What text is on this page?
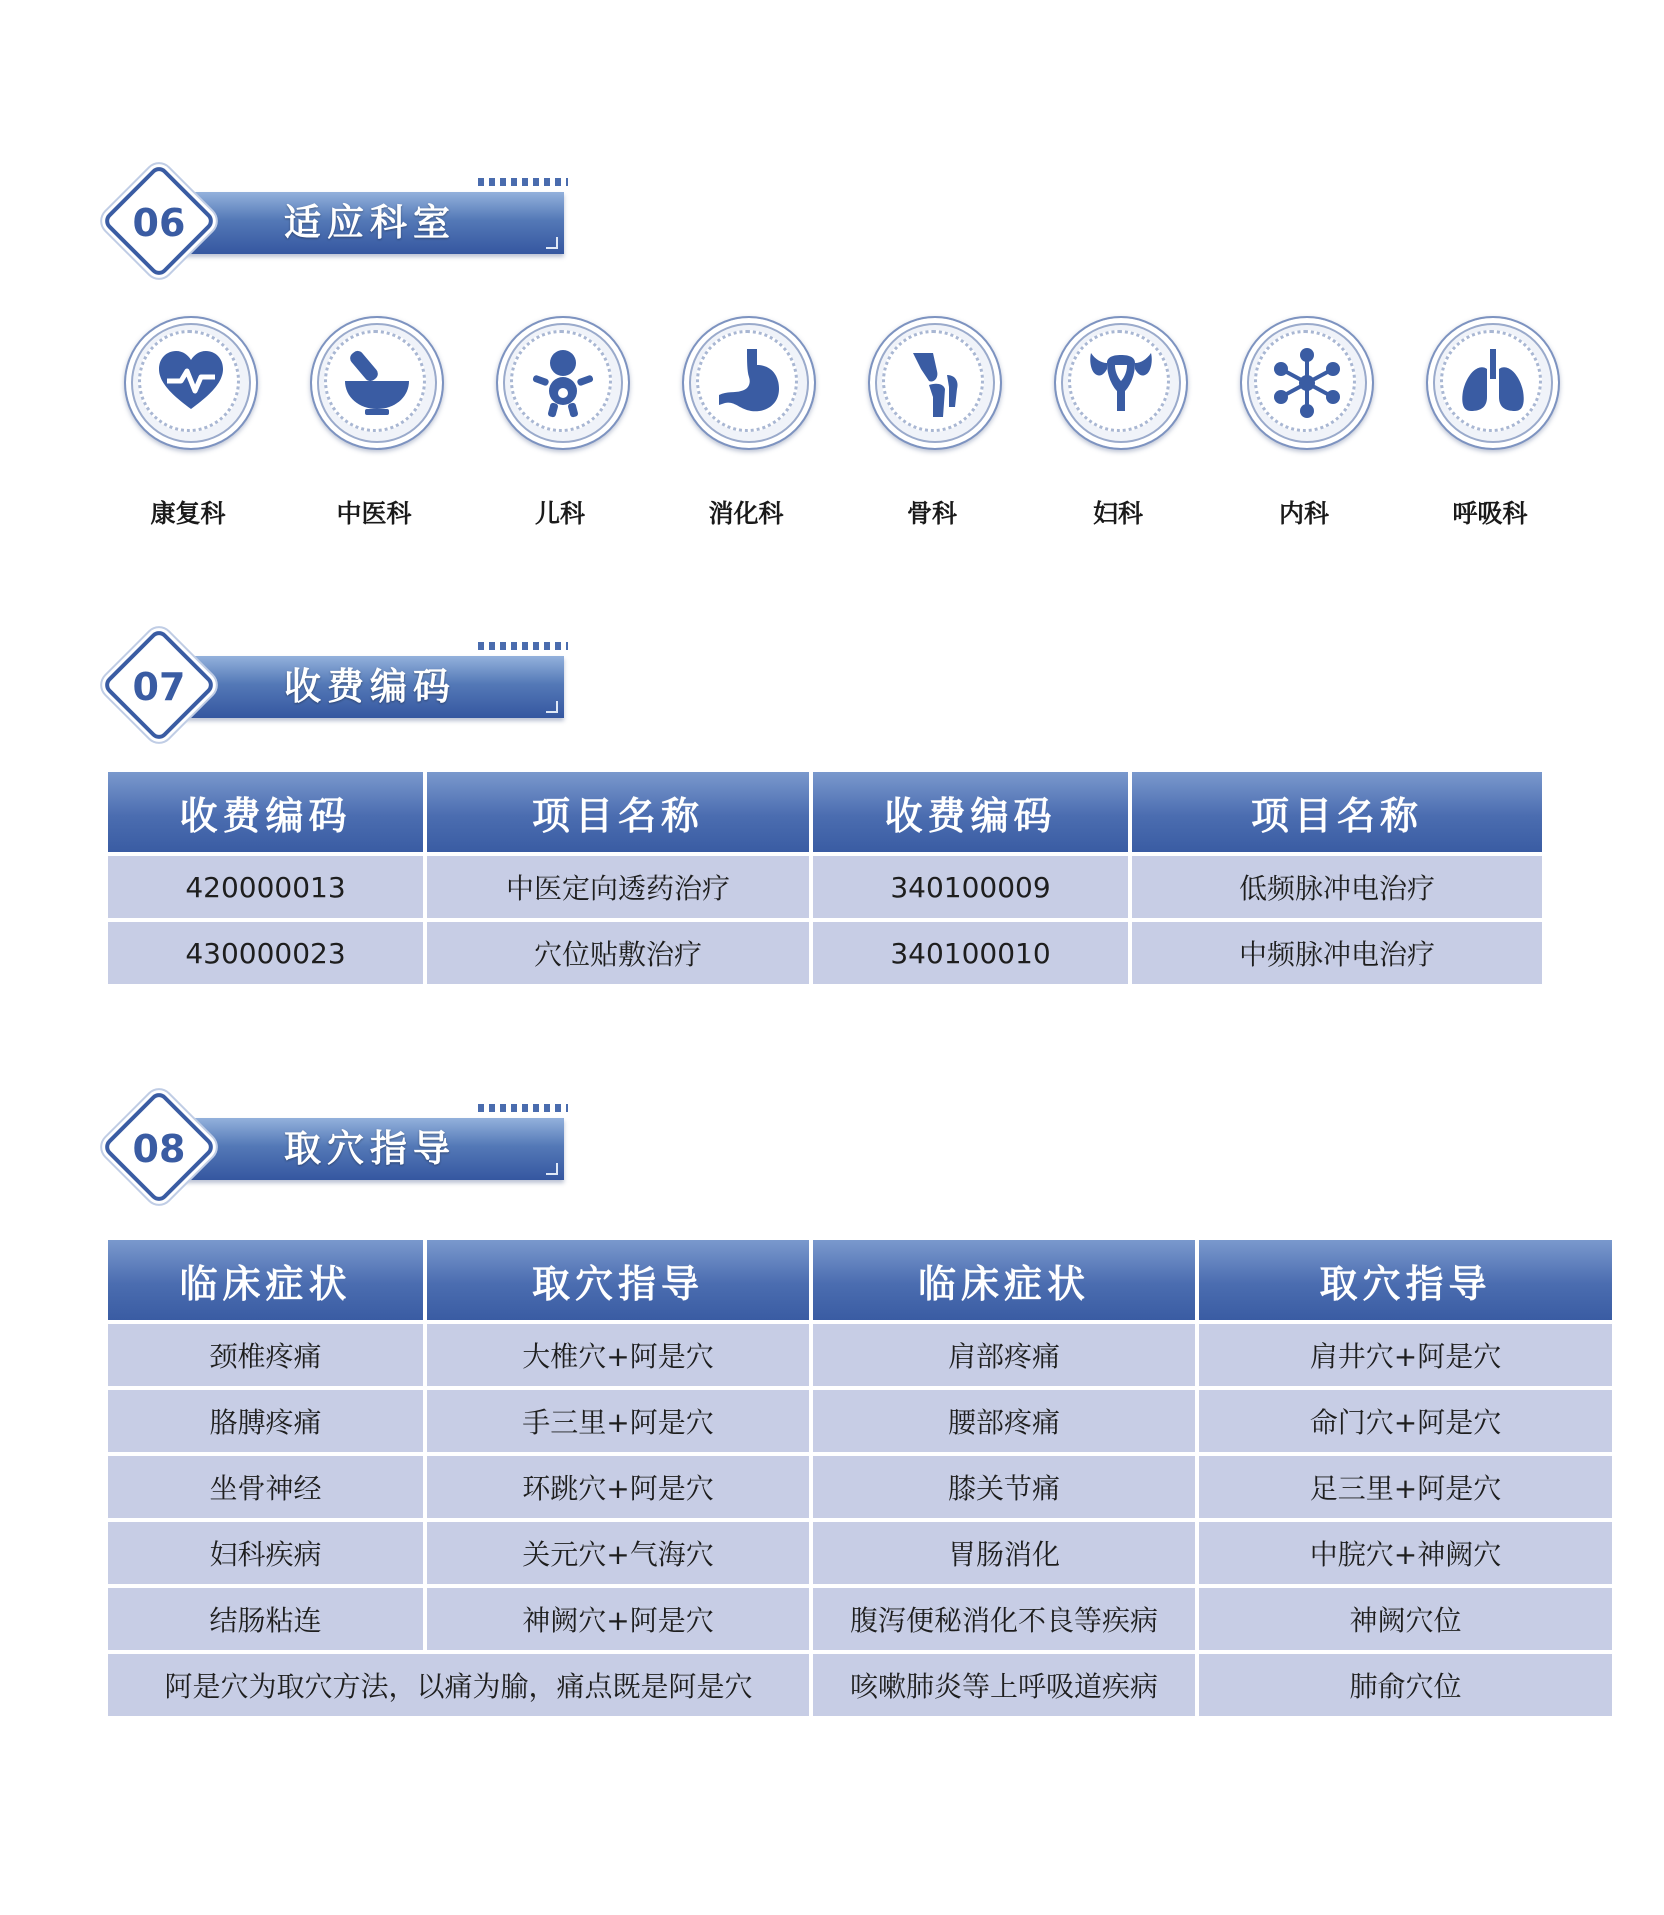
适应科室
06
康复科	中医科	儿科	消化科	骨科	妇科	内科	呼吸科
收费编码
07
收费编码	项目名称	收费编码	项目名称
420000013	中医定向透药治疗	340100009	低频脉冲电治疗
430000023	穴位贴敷治疗	340100010	中频脉冲电治疗
取穴指导
08
临床症状	取穴指导	临床症状	取穴指导
颈椎疼痛	大椎穴+阿是穴	肩部疼痛	肩井穴+阿是穴
胳膊疼痛	手三里+阿是穴	腰部疼痛	命门穴+阿是穴
坐骨神经	环跳穴+阿是穴	膝关节痛	足三里+阿是穴
妇科疾病	关元穴+气海穴	胃肠消化	中脘穴+神阙穴
结肠粘连	神阙穴+阿是穴	腹泻便秘消化不良等疾病	神阙穴位
阿是穴为取穴方法，以痛为腧，痛点既是阿是穴		咳嗽肺炎等上呼吸道疾病	肺俞穴位
